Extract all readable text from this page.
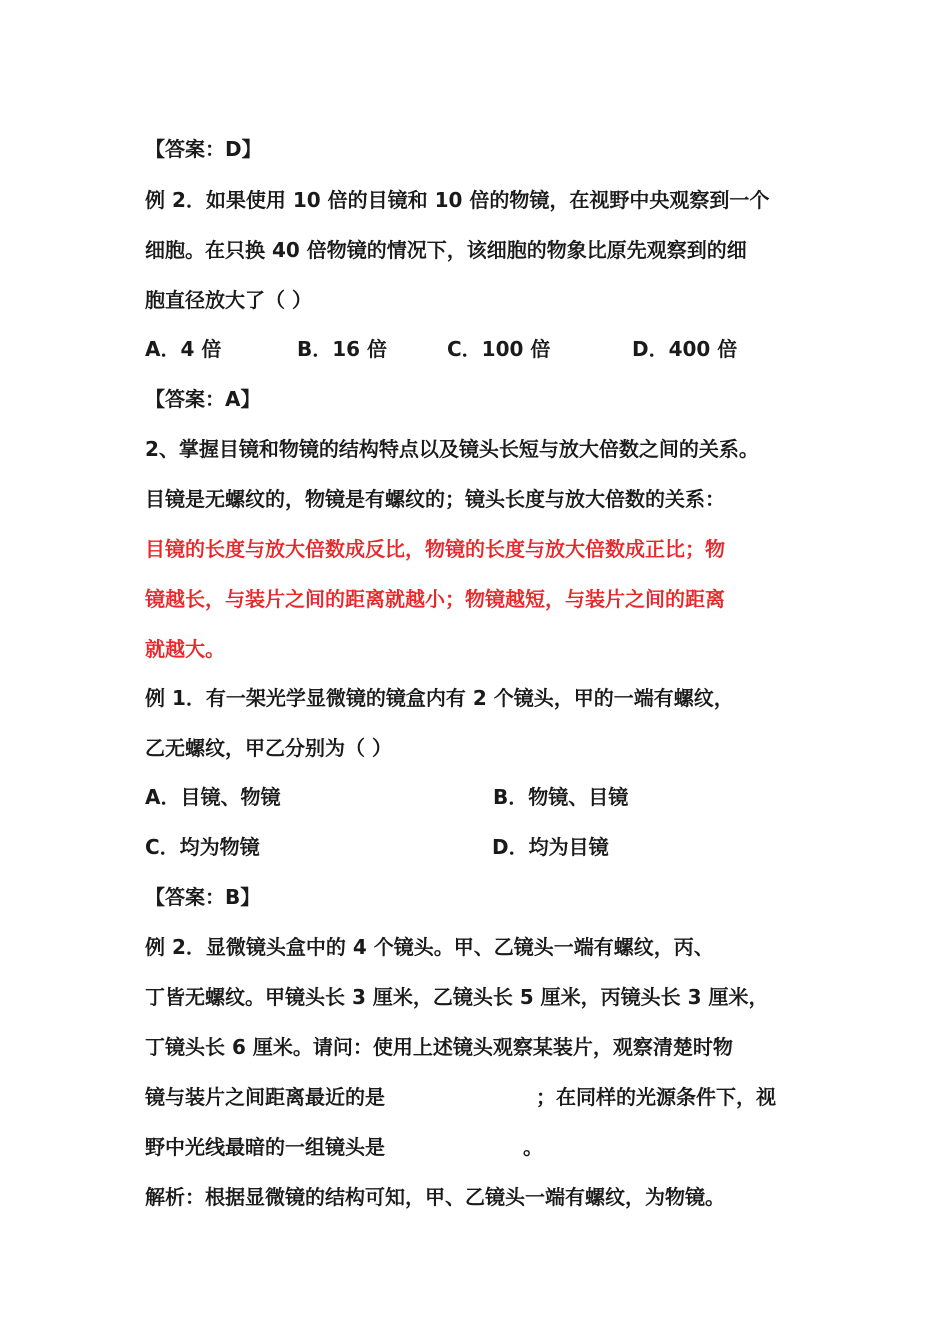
【答案：D】
例 2．如果使用 10 倍的目镜和 10 倍的物镜，在视野中央观察到一个
细胞。在只换 40 倍物镜的情况下，该细胞的物象比原先观察到的细
胞直径放大了（ ）
A．4 倍	B．16 倍	C．100 倍	D．400 倍
【答案：A】
2、掌握目镜和物镜的结构特点以及镜头长短与放大倍数之间的关系。
目镜是无螺纹的，物镜是有螺纹的；镜头长度与放大倍数的关系：
目镜的长度与放大倍数成反比，物镜的长度与放大倍数成正比；物
镜越长，与装片之间的距离就越小；物镜越短，与装片之间的距离
就越大。
例 1．有一架光学显微镜的镜盒内有 2 个镜头，甲的一端有螺纹，
乙无螺纹，甲乙分别为（ ）
A．目镜、物镜	B．物镜、目镜
C．均为物镜	D．均为目镜
【答案：B】
例 2．显微镜头盒中的 4 个镜头。甲、乙镜头一端有螺纹，丙、
丁皆无螺纹。甲镜头长 3 厘米，乙镜头长 5 厘米，丙镜头长 3 厘米，
丁镜头长 6 厘米。请问：使用上述镜头观察某装片，观察清楚时物
镜与装片之间距离最近的是	；在同样的光源条件下，视
野中光线最暗的一组镜头是	。
解析：根据显微镜的结构可知，甲、乙镜头一端有螺纹，为物镜。
